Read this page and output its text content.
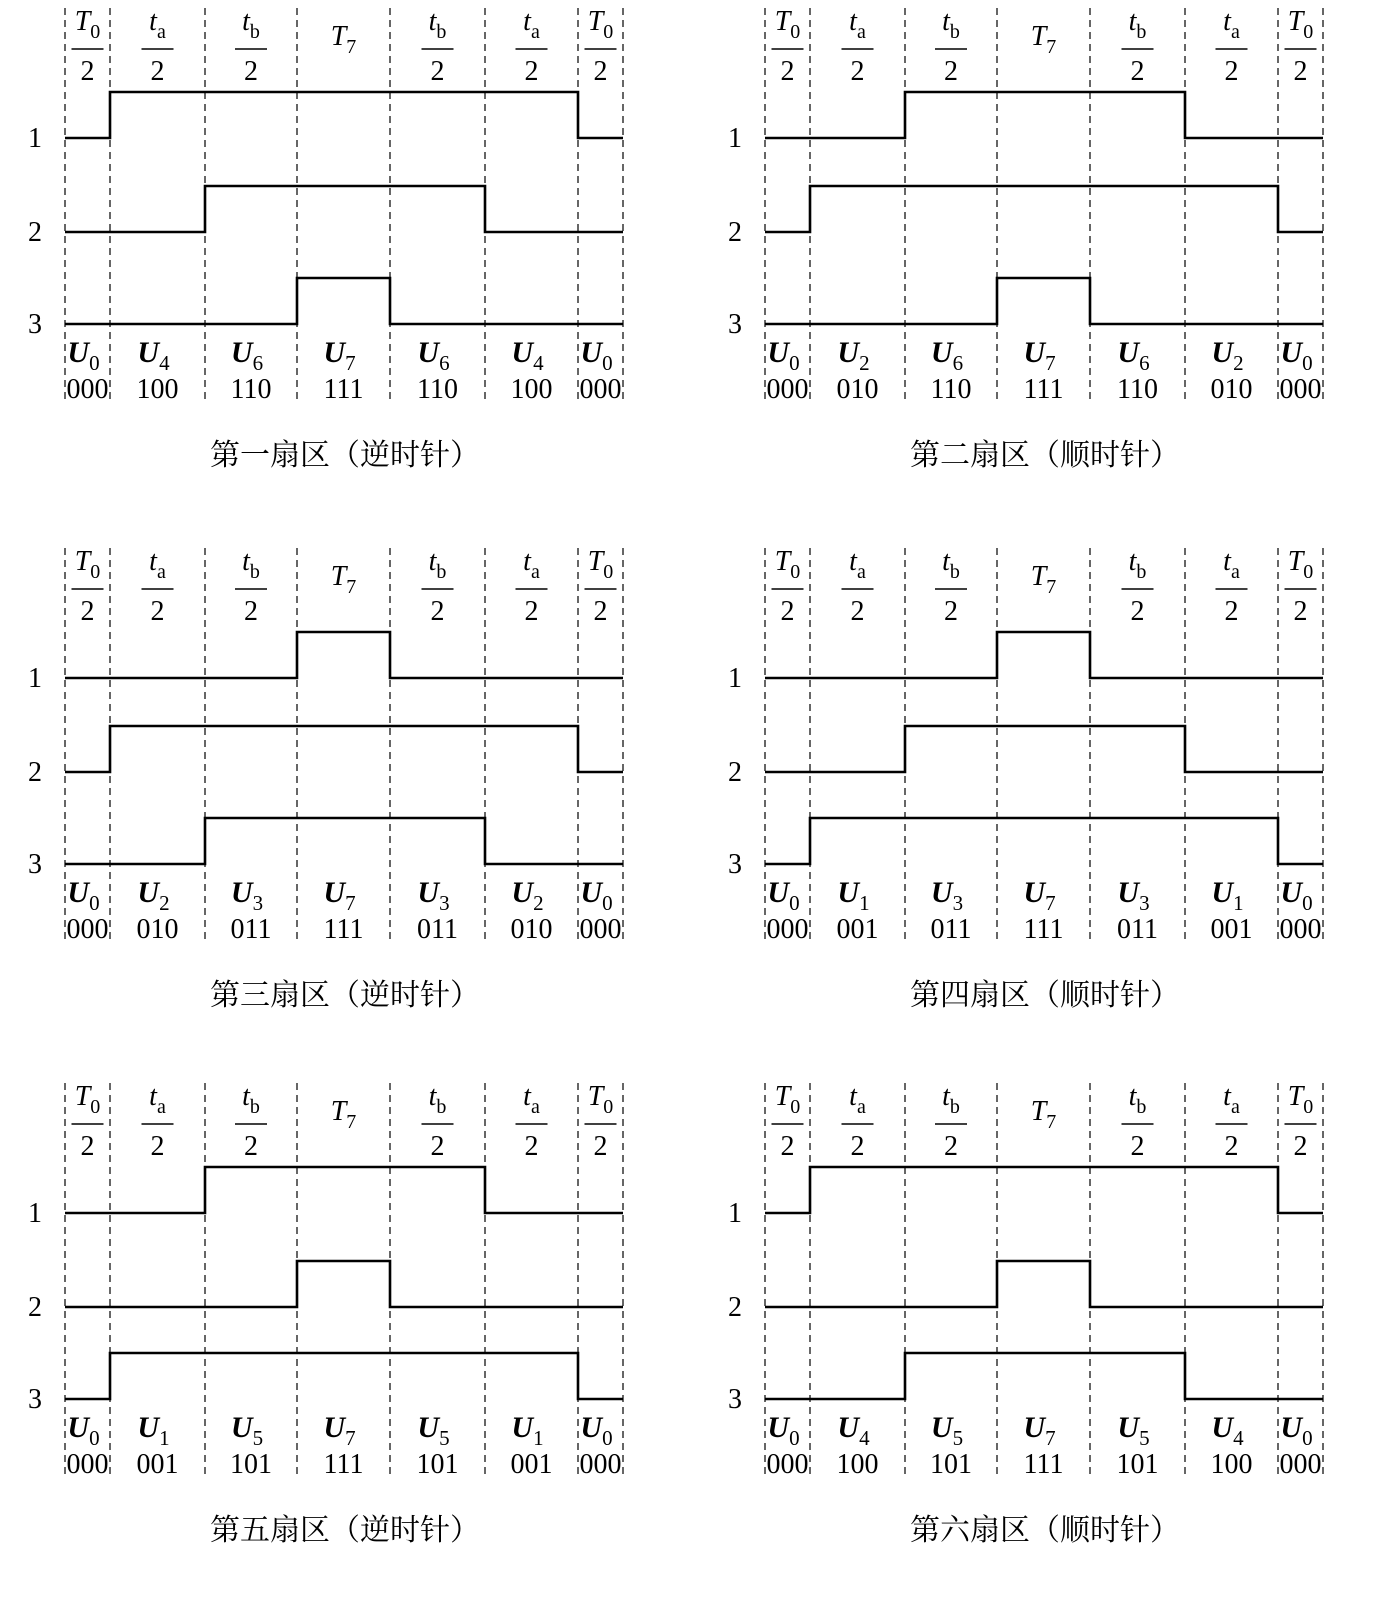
$T_0$
2
$t_a$
2
$t_b$
2
$T_7$
$t_b$
2
$t_a$
2
$T_0$
2
1
2
3
$U_0$
000
$U_4$
100
$U_6$
110
$U_7$
111
$U_6$
110
$U_4$
100
$U_0$
000
第一扇区（逆时针）
$T_0$
2
$t_a$
2
$t_b$
2
$T_7$
$t_b$
2
$t_a$
2
$T_0$
2
1
2
3
$U_0$
000
$U_2$
010
$U_6$
110
$U_7$
111
$U_6$
110
$U_2$
010
$U_0$
000
第二扇区（顺时针）
$T_0$
2
$t_a$
2
$t_b$
2
$T_7$
$t_b$
2
$t_a$
2
$T_0$
2
1
2
3
$U_0$
000
$U_2$
010
$U_3$
011
$U_7$
111
$U_3$
011
$U_2$
010
$U_0$
000
第三扇区（逆时针）
$T_0$
2
$t_a$
2
$t_b$
2
$T_7$
$t_b$
2
$t_a$
2
$T_0$
2
1
2
3
$U_0$
000
$U_1$
001
$U_3$
011
$U_7$
111
$U_3$
011
$U_1$
001
$U_0$
000
第四扇区（顺时针）
$T_0$
2
$t_a$
2
$t_b$
2
$T_7$
$t_b$
2
$t_a$
2
$T_0$
2
1
2
3
$U_0$
000
$U_1$
001
$U_5$
101
$U_7$
111
$U_5$
101
$U_1$
001
$U_0$
000
第五扇区（逆时针）
$T_0$
2
$t_a$
2
$t_b$
2
$T_7$
$t_b$
2
$t_a$
2
$T_0$
2
1
2
3
$U_0$
000
$U_4$
100
$U_5$
101
$U_7$
111
$U_5$
101
$U_4$
100
$U_0$
000
第六扇区（顺时针）
